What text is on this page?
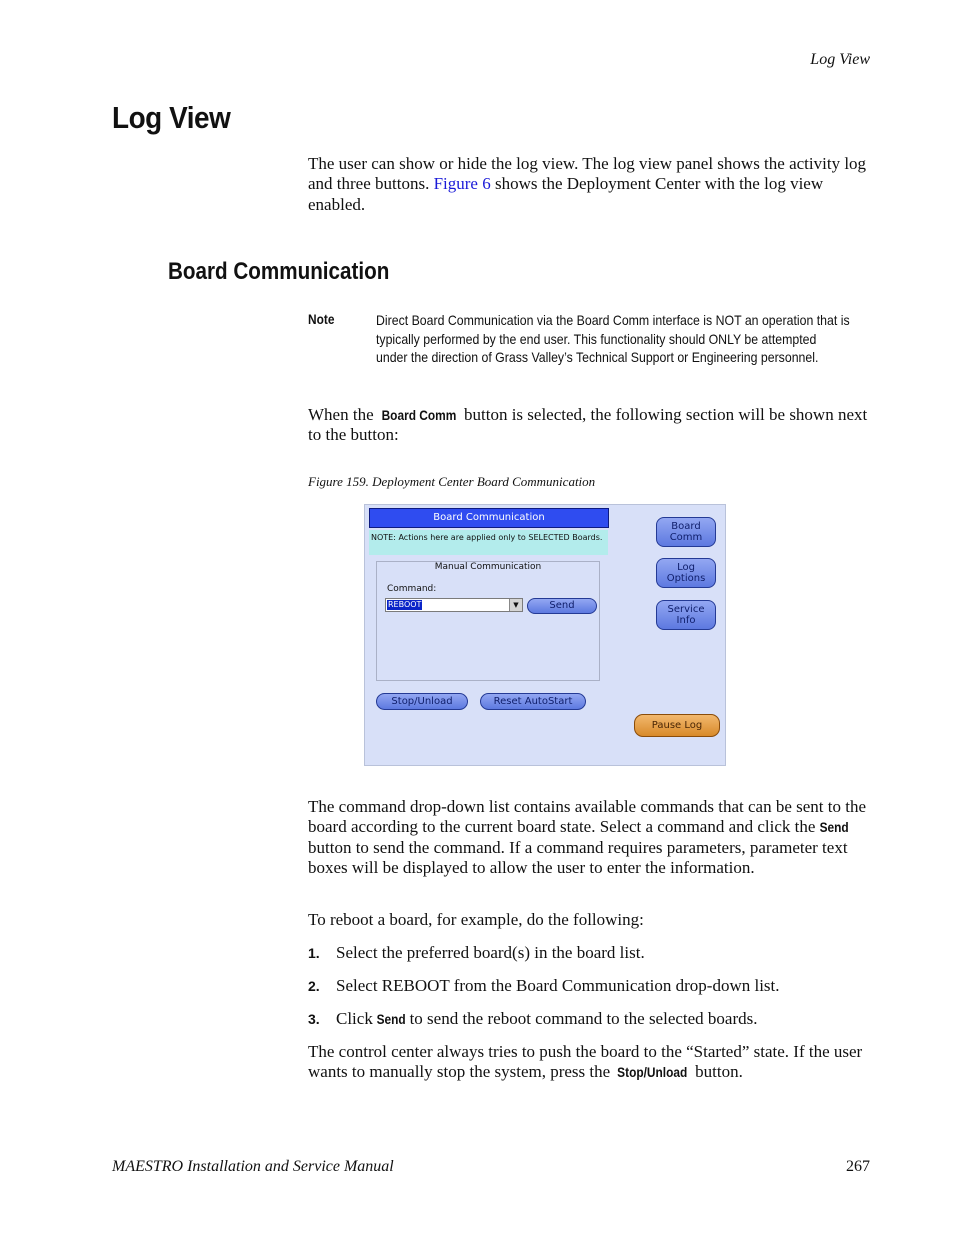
Log View
Log View
The user can show or hide the log view. The log view panel shows the activity log and three buttons. Figure 6 shows the Deployment Center with the log view enabled.
Board Communication
Note	Direct Board Communication via the Board Comm interface is NOT an operation that is typically performed by the end user. This functionality should ONLY be attempted under the direction of Grass Valley’s Technical Support or Engineering personnel.
When the Board Comm button is selected, the following section will be shown next to the button:
Figure 159. Deployment Center Board Communication
Board Communication
NOTE: Actions here are applied only to SELECTED Boards.
Manual Communication
Command:
REBOOT	▼	Send
Board Comm
Log Options
Service Info
Stop/Unload	Reset AutoStart
Pause Log
The command drop-down list contains available commands that can be sent to the board according to the current board state. Select a command and click the Send button to send the command. If a command requires parameters, parameter text boxes will be displayed to allow the user to enter the information.
To reboot a board, for example, do the following:
1. Select the preferred board(s) in the board list.
2. Select REBOOT from the Board Communication drop-down list.
3. Click Send to send the reboot command to the selected boards.
The control center always tries to push the board to the “Started” state. If the user wants to manually stop the system, press the Stop/Unload button.
MAESTRO Installation and Service Manual	267
